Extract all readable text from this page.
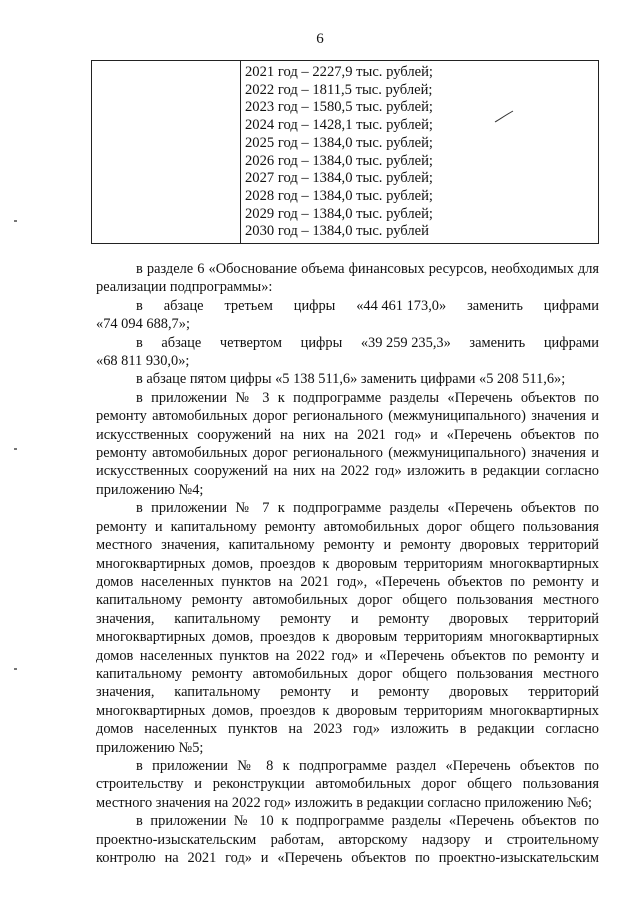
6
2021 год – 2227,9 тыс. рублей;
2022 год – 1811,5 тыс. рублей;
2023 год – 1580,5 тыс. рублей;
2024 год – 1428,1 тыс. рублей;
2025 год – 1384,0 тыс. рублей;
2026 год – 1384,0 тыс. рублей;
2027 год – 1384,0 тыс. рублей;
2028 год – 1384,0 тыс. рублей;
2029 год – 1384,0 тыс. рублей;
2030 год – 1384,0 тыс. рублей
в разделе 6 «Обоснование объема финансовых ресурсов, необходимых для реализации подпрограммы»:
в абзаце третьем цифры «44 461 173,0» заменить цифрами
«74 094 688,7»;
в абзаце четвертом цифры «39 259 235,3» заменить цифрами
«68 811 930,0»;
в абзаце пятом цифры «5 138 511,6» заменить цифрами «5 208 511,6»;
в приложении № 3 к подпрограмме разделы «Перечень объектов по ремонту автомобильных дорог регионального (межмуниципального) значения и искусственных сооружений на них на 2021 год» и «Перечень объектов по ремонту автомобильных дорог регионального (межмуниципального) значения и искусственных сооружений на них на 2022 год» изложить в редакции согласно приложению №4;
в приложении № 7 к подпрограмме разделы «Перечень объектов по ремонту и капитальному ремонту автомобильных дорог общего пользования местного значения, капитальному ремонту и ремонту дворовых территорий многоквартирных домов, проездов к дворовым территориям многоквартирных домов населенных пунктов на 2021 год», «Перечень объектов по ремонту и капитальному ремонту автомобильных дорог общего пользования местного значения, капитальному ремонту и ремонту дворовых территорий многоквартирных домов, проездов к дворовым территориям многоквартирных домов населенных пунктов на 2022 год» и «Перечень объектов по ремонту и капитальному ремонту автомобильных дорог общего пользования местного значения, капитальному ремонту и ремонту дворовых территорий многоквартирных домов, проездов к дворовым территориям многоквартирных домов населенных пунктов на 2023 год» изложить в редакции согласно приложению №5;
в приложении № 8 к подпрограмме раздел «Перечень объектов по строительству и реконструкции автомобильных дорог общего пользования местного значения на 2022 год» изложить в редакции согласно приложению №6;
в приложении № 10 к подпрограмме разделы «Перечень объектов по проектно-изыскательским работам, авторскому надзору и строительному контролю на 2021 год» и «Перечень объектов по проектно-изыскательским
